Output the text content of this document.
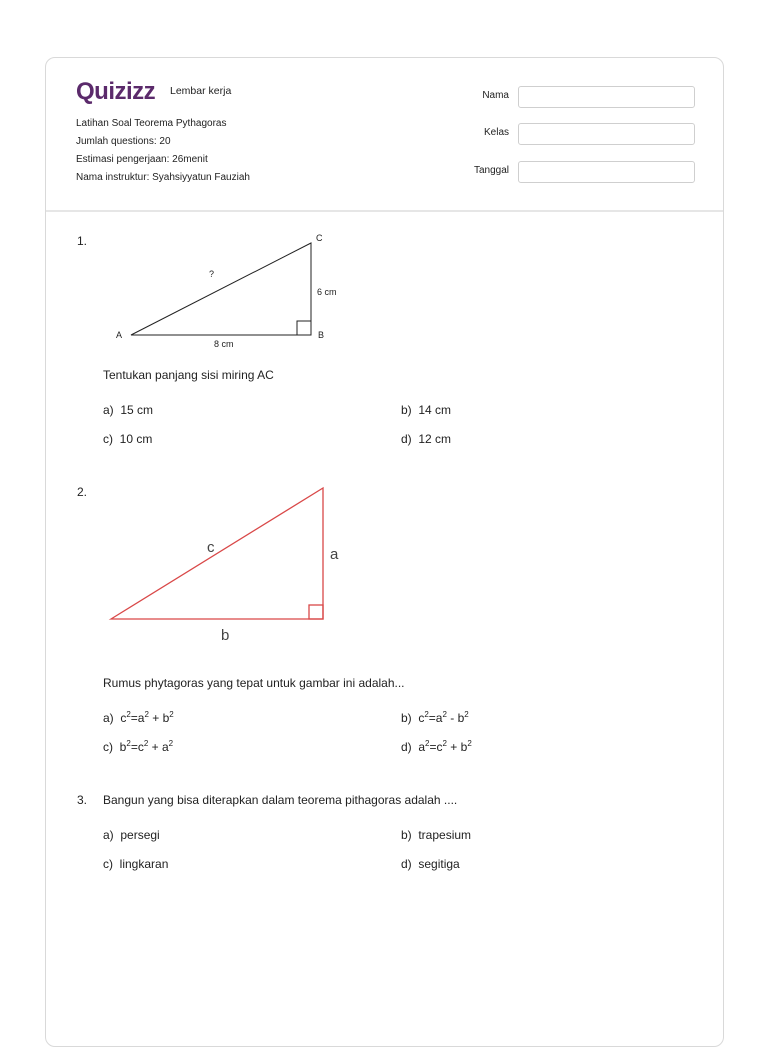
Quizizz Lembar kerja
Latihan Soal Teorema Pythagoras
Jumlah questions: 20
Estimasi pengerjaan: 26menit
Nama instruktur: Syahsiyyatun Fauziah
Nama
Kelas
Tanggal
1.	C
?
6 cm
A	B
8 cm
Tentukan panjang sisi miring AC
a) 15 cm	b) 14 cm
c) 10 cm	d) 12 cm
2.
c	a
b
Rumus phytagoras yang tepat untuk gambar ini adalah...
a) $c^2=a^2 + b^2$	b) $c^2=a^2 - b^2$
c) $b^2=c^2 + a^2$	d) $a^2=c^2 + b^2$
3. Bangun yang bisa diterapkan dalam teorema pithagoras adalah ....
a) persegi	b) trapesium
c) lingkaran	d) segitiga
